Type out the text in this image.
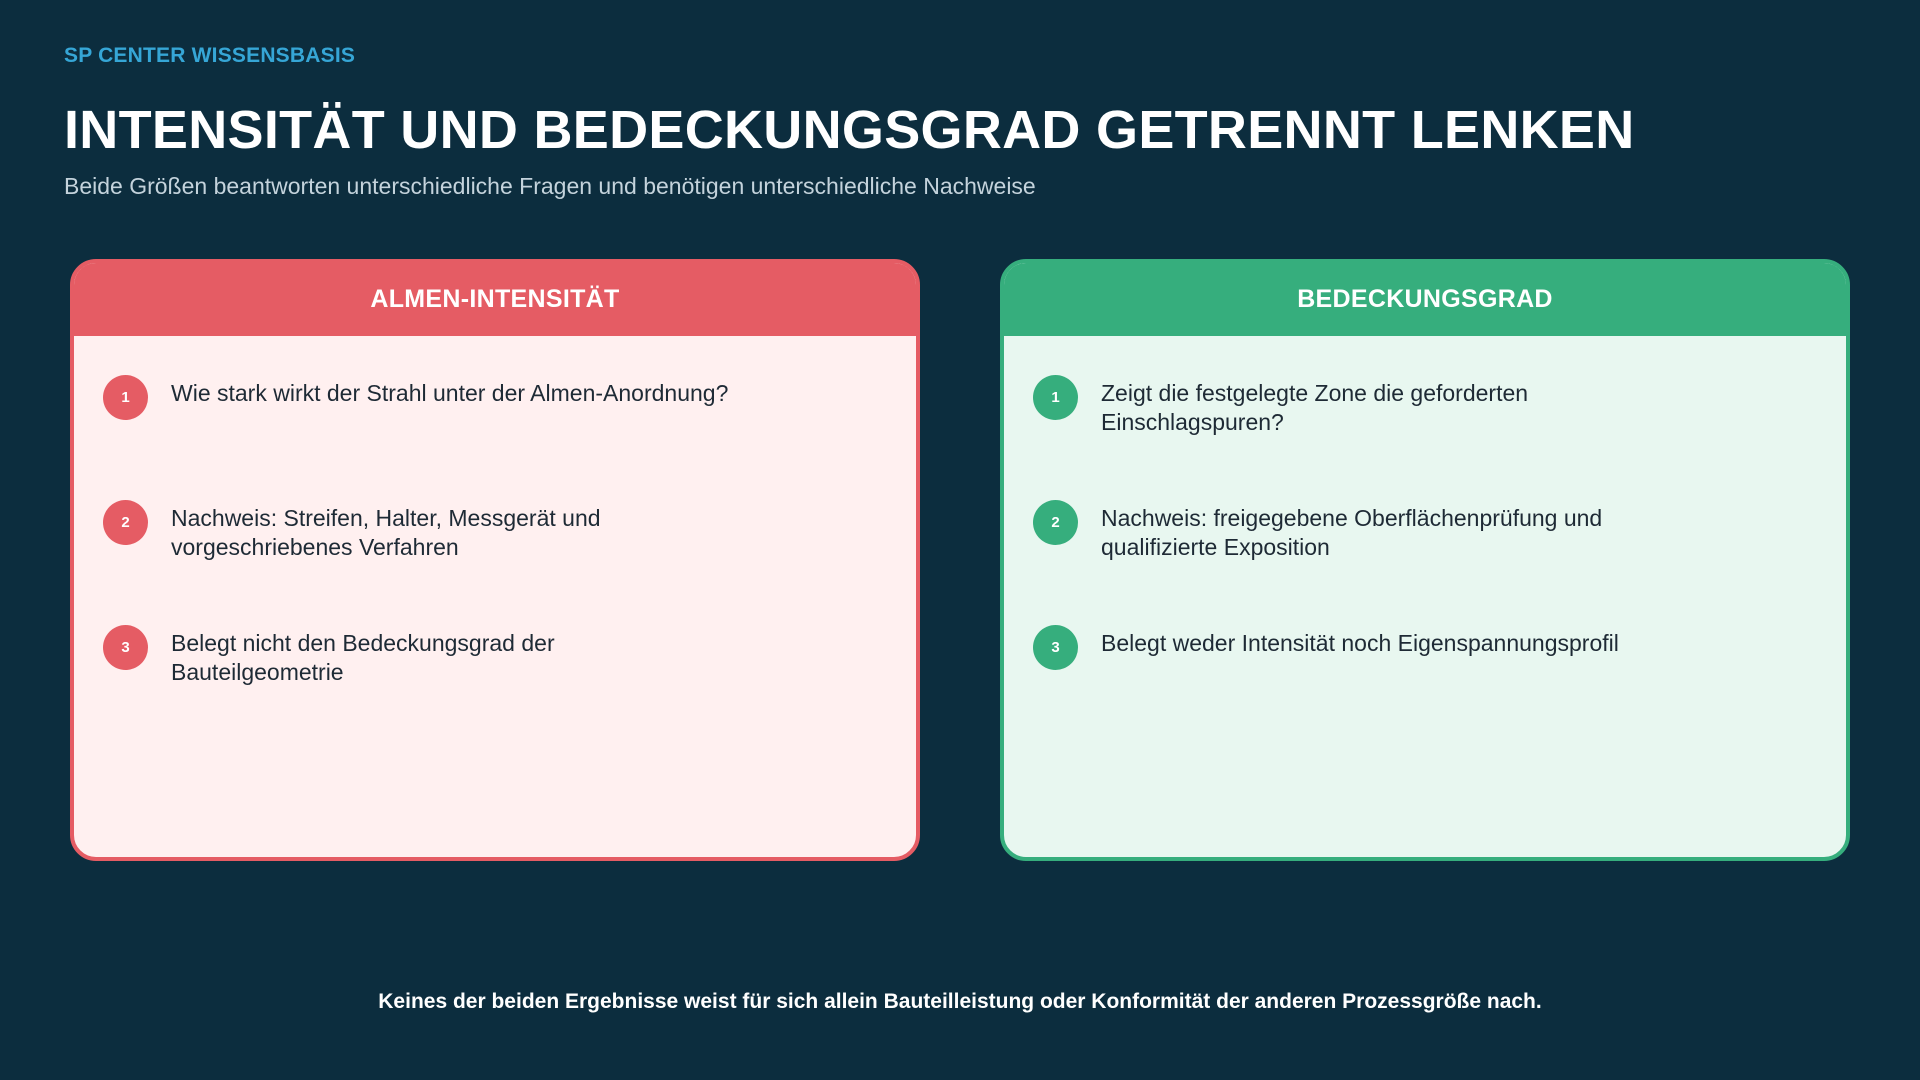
SP CENTER WISSENSBASIS
INTENSITÄT UND BEDECKUNGSGRAD GETRENNT LENKEN
Beide Größen beantworten unterschiedliche Fragen und benötigen unterschiedliche Nachweise
ALMEN-INTENSITÄT
1	Wie stark wirkt der Strahl unter der Almen-Anordnung?
2	Nachweis: Streifen, Halter, Messgerät und vorgeschriebenes Verfahren
3	Belegt nicht den Bedeckungsgrad der Bauteilgeometrie
BEDECKUNGSGRAD
1	Zeigt die festgelegte Zone die geforderten Einschlagspuren?
2	Nachweis: freigegebene Oberflächenprüfung und qualifizierte Exposition
3	Belegt weder Intensität noch Eigenspannungsprofil
Keines der beiden Ergebnisse weist für sich allein Bauteilleistung oder Konformität der anderen Prozessgröße nach.
